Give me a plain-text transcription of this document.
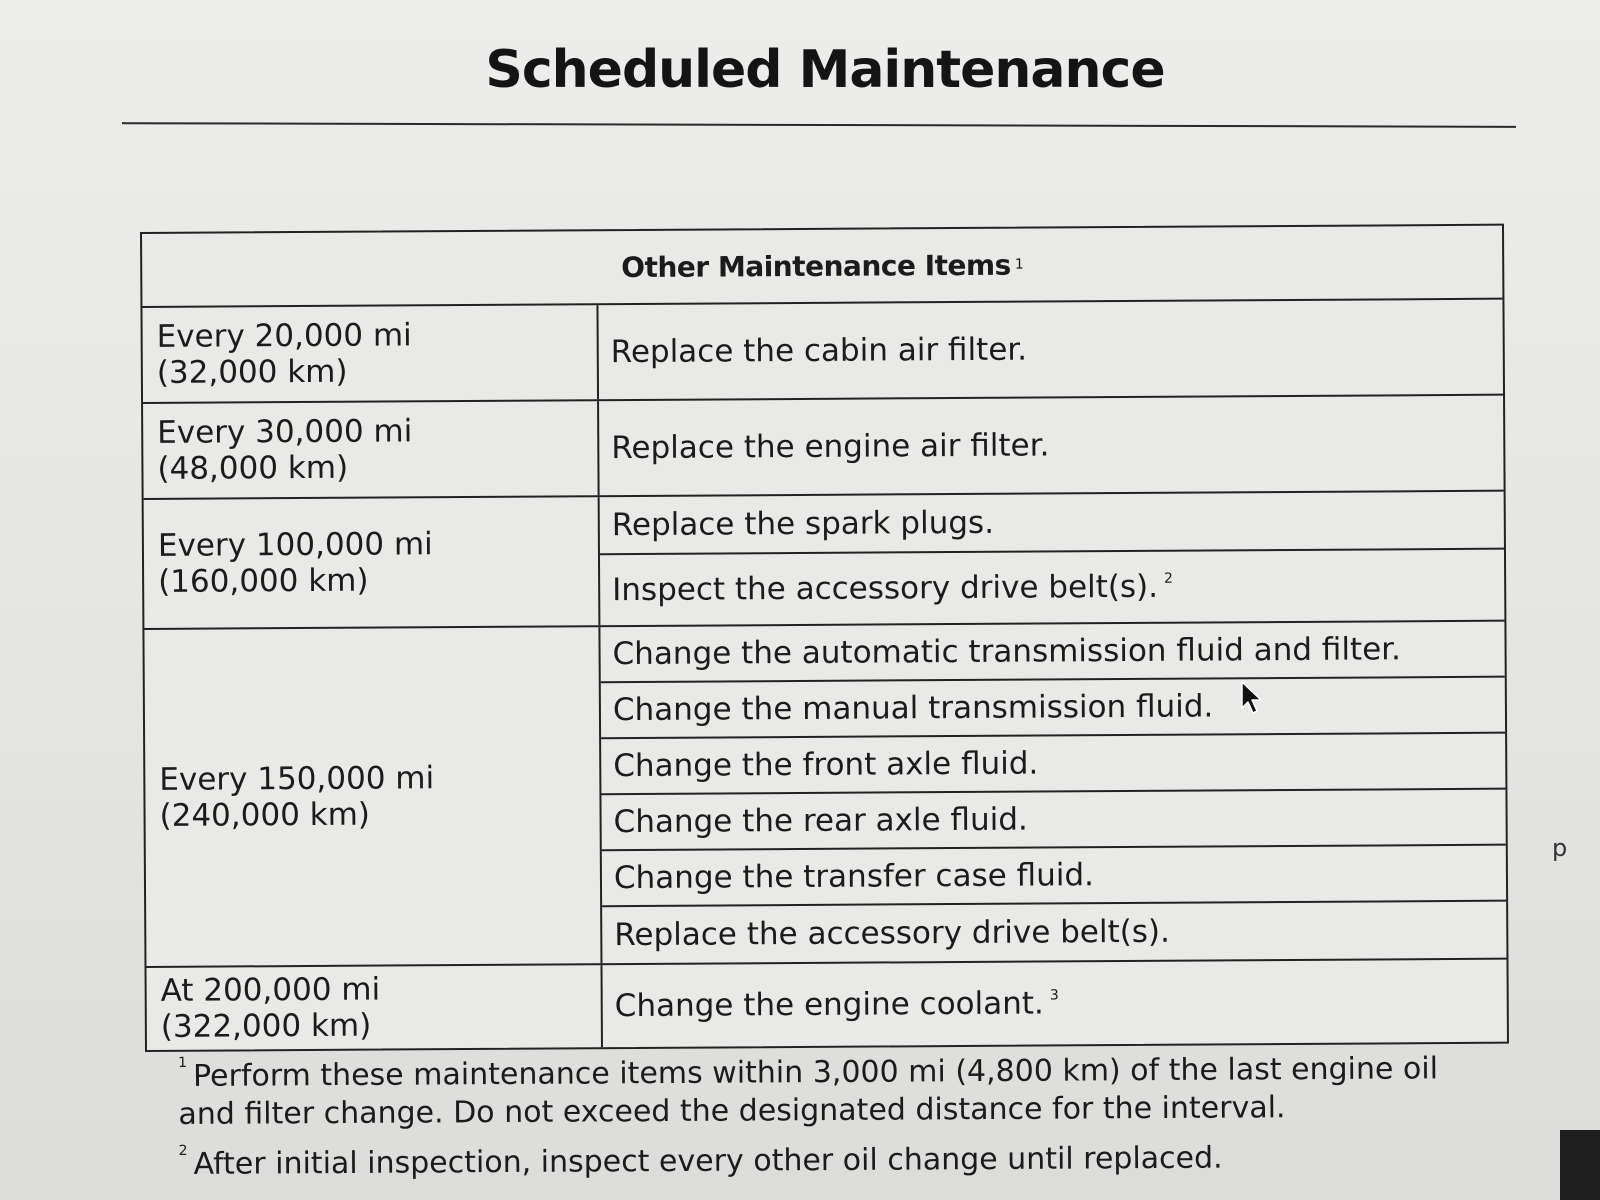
Scheduled Maintenance
Other Maintenance Items 1
Every 20,000 mi
(32,000 km)
Replace the cabin air filter.
Every 30,000 mi
(48,000 km)
Replace the engine air filter.
Every 100,000 mi
(160,000 km)
Replace the spark plugs.
Inspect the accessory drive belt(s). $^2$
Every 150,000 mi
(240,000 km)
Change the automatic transmission fluid and filter.
Change the manual transmission fluid.
Change the front axle fluid.
Change the rear axle fluid.
Change the transfer case fluid.
Replace the accessory drive belt(s).
At 200,000 mi
(322,000 km)
Change the engine coolant. $^3$
$^1$ Perform these maintenance items within 3,000 mi (4,800 km) of the last engine oil and filter change. Do not exceed the designated distance for the interval.
$^2$ After initial inspection, inspect every other oil change until replaced.
p
